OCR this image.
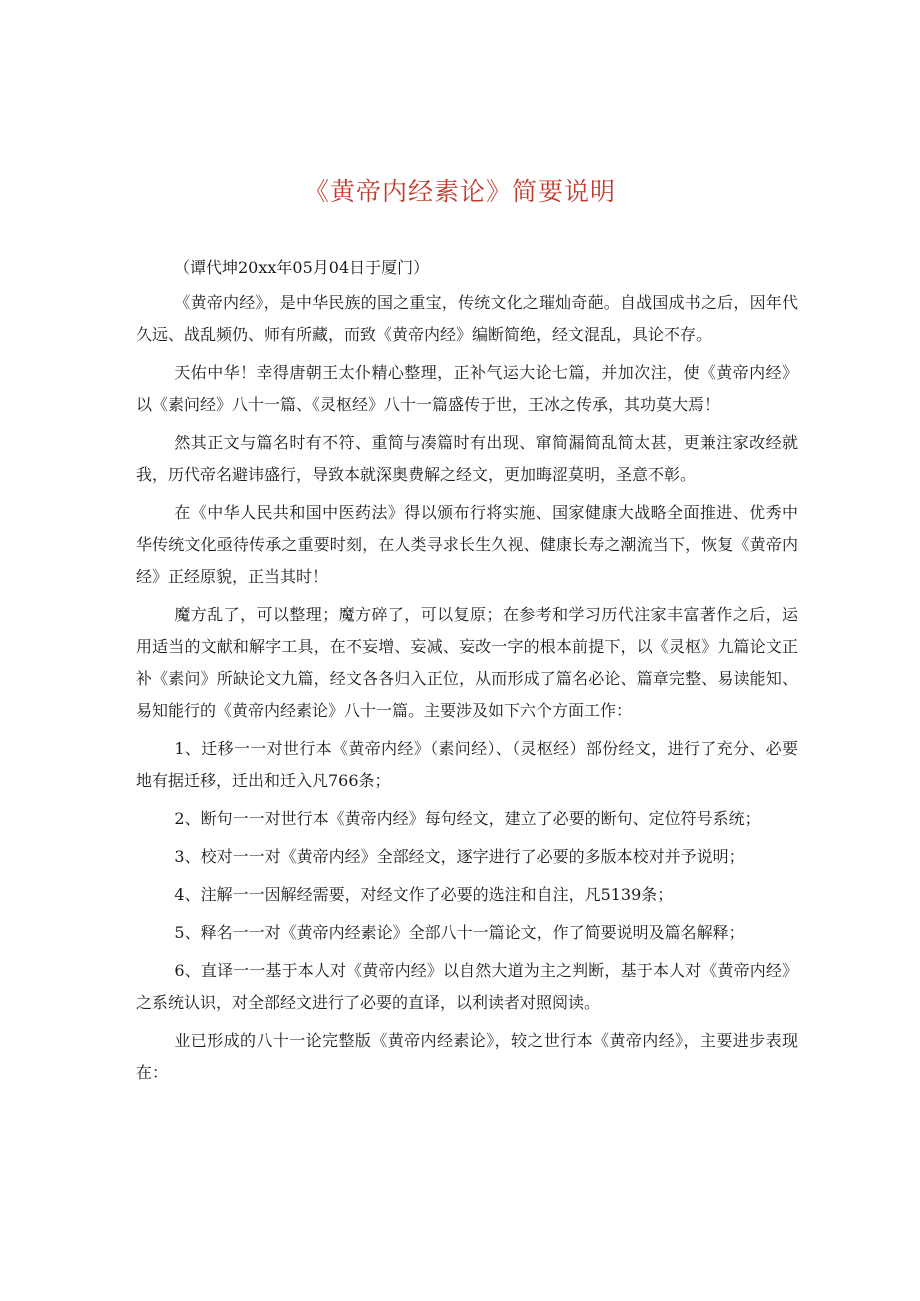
《黄帝内经素论》简要说明

（谭代坤20xx年05月04日于厦门）

《黄帝内经》，是中华民族的国之重宝，传统文化之璀灿奇葩。自战国成书之后，因年代久远、战乱频仍、师有所藏，而致《黄帝内经》编断简绝，经文混乱，具论不存。

天佑中华！幸得唐朝王太仆精心整理，正补气运大论七篇，并加次注，使《黄帝内经》以《素问经》八十一篇、《灵枢经》八十一篇盛传于世，王冰之传承，其功莫大焉！

然其正文与篇名时有不符、重简与凑篇时有出现、窜简漏简乱简太甚，更兼注家改经就我，历代帝名避讳盛行，导致本就深奥费解之经文，更加晦涩莫明，圣意不彰。

在《中华人民共和国中医药法》得以颁布行将实施、国家健康大战略全面推进、优秀中华传统文化亟待传承之重要时刻，在人类寻求长生久视、健康长寿之潮流当下，恢复《黄帝内经》正经原貌，正当其时！

魔方乱了，可以整理；魔方碎了，可以复原；在参考和学习历代注家丰富著作之后，运用适当的文献和解字工具，在不妄增、妄减、妄改一字的根本前提下，以《灵枢》九篇论文正补《素问》所缺论文九篇，经文各各归入正位，从而形成了篇名必论、篇章完整、易读能知、易知能行的《黄帝内经素论》八十一篇。主要涉及如下六个方面工作：

1、迁移一一对世行本《黄帝内经》（素问经）、（灵枢经）部份经文，进行了充分、必要地有据迁移，迁出和迁入凡766条；

2、断句一一对世行本《黄帝内经》每句经文，建立了必要的断句、定位符号系统；

3、校对一一对《黄帝内经》全部经文，逐字进行了必要的多版本校对并予说明；

4、注解一一因解经需要，对经文作了必要的选注和自注，凡5139条；

5、释名一一对《黄帝内经素论》全部八十一篇论文，作了简要说明及篇名解释；

6、直译一一基于本人对《黄帝内经》以自然大道为主之判断，基于本人对《黄帝内经》之系统认识，对全部经文进行了必要的直译，以利读者对照阅读。

业已形成的八十一论完整版《黄帝内经素论》，较之世行本《黄帝内经》，主要进步表现在：
